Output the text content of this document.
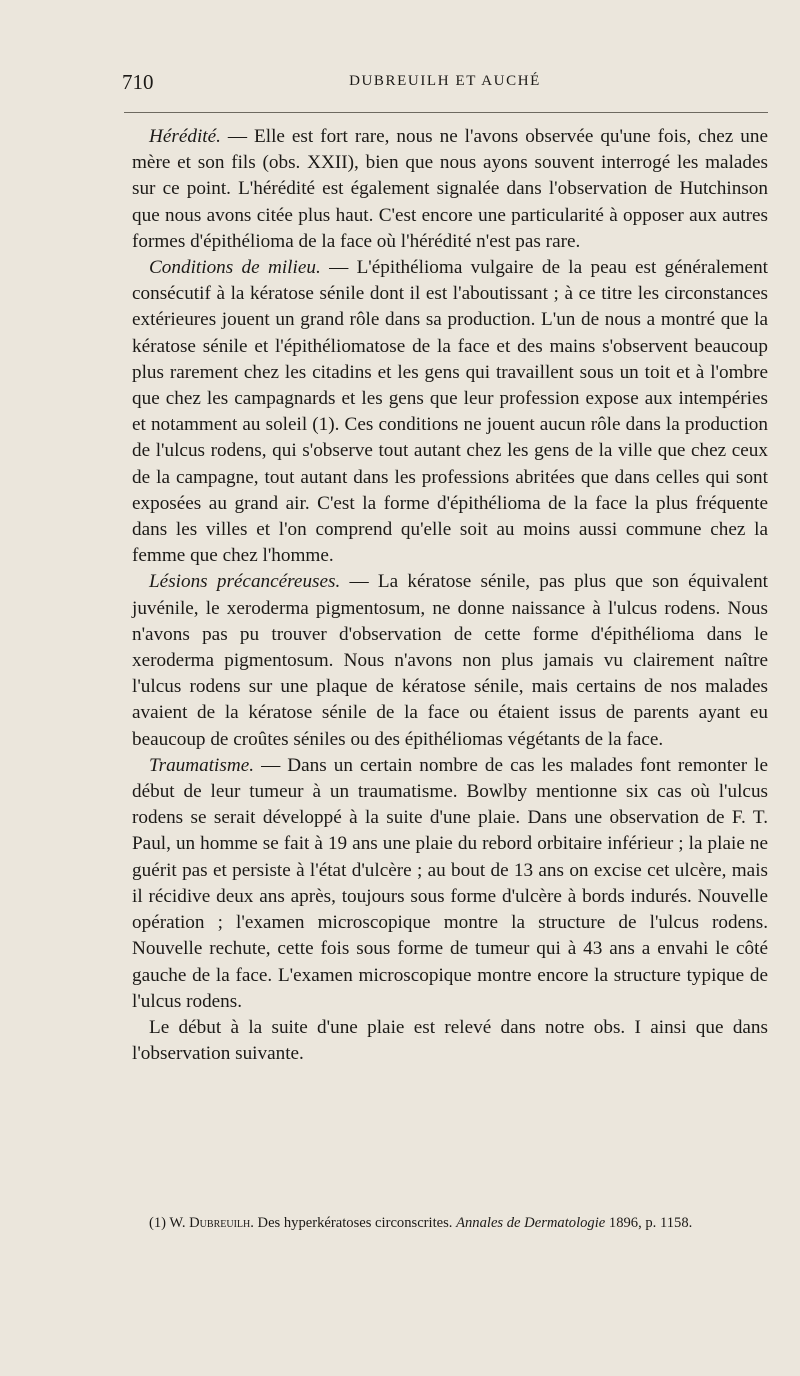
710	DUBREUILH ET AUCHÉ

Hérédité. — Elle est fort rare, nous ne l'avons observée qu'une fois, chez une mère et son fils (obs. XXII), bien que nous ayons souvent interrogé les malades sur ce point. L'hérédité est également signalée dans l'observation de Hutchinson que nous avons citée plus haut. C'est encore une particularité à opposer aux autres formes d'épithélioma de la face où l'hérédité n'est pas rare.

Conditions de milieu. — L'épithélioma vulgaire de la peau est généralement consécutif à la kératose sénile dont il est l'aboutissant ; à ce titre les circonstances extérieures jouent un grand rôle dans sa production. L'un de nous a montré que la kératose sénile et l'épithéliomatose de la face et des mains s'observent beaucoup plus rarement chez les citadins et les gens qui travaillent sous un toit et à l'ombre que chez les campagnards et les gens que leur profession expose aux intempéries et notamment au soleil (1). Ces conditions ne jouent aucun rôle dans la production de l'ulcus rodens, qui s'observe tout autant chez les gens de la ville que chez ceux de la campagne, tout autant dans les professions abritées que dans celles qui sont exposées au grand air. C'est la forme d'épithélioma de la face la plus fréquente dans les villes et l'on comprend qu'elle soit au moins aussi commune chez la femme que chez l'homme.

Lésions précancéreuses. — La kératose sénile, pas plus que son équivalent juvénile, le xeroderma pigmentosum, ne donne naissance à l'ulcus rodens. Nous n'avons pas pu trouver d'observation de cette forme d'épithélioma dans le xeroderma pigmentosum. Nous n'avons non plus jamais vu clairement naître l'ulcus rodens sur une plaque de kératose sénile, mais certains de nos malades avaient de la kératose sénile de la face ou étaient issus de parents ayant eu beaucoup de croûtes séniles ou des épithéliomas végétants de la face.

Traumatisme. — Dans un certain nombre de cas les malades font remonter le début de leur tumeur à un traumatisme. Bowlby mentionne six cas où l'ulcus rodens se serait développé à la suite d'une plaie. Dans une observation de F. T. Paul, un homme se fait à 19 ans une plaie du rebord orbitaire inférieur ; la plaie ne guérit pas et persiste à l'état d'ulcère ; au bout de 13 ans on excise cet ulcère, mais il récidive deux ans après, toujours sous forme d'ulcère à bords indurés. Nouvelle opération ; l'examen microscopique montre la structure de l'ulcus rodens. Nouvelle rechute, cette fois sous forme de tumeur qui à 43 ans a envahi le côté gauche de la face. L'examen microscopique montre encore la structure typique de l'ulcus rodens.

Le début à la suite d'une plaie est relevé dans notre obs. I ainsi que dans l'observation suivante.

(1) W. Dubreuilh. Des hyperkératoses circonscrites. Annales de Dermatologie 1896, p. 1158.
